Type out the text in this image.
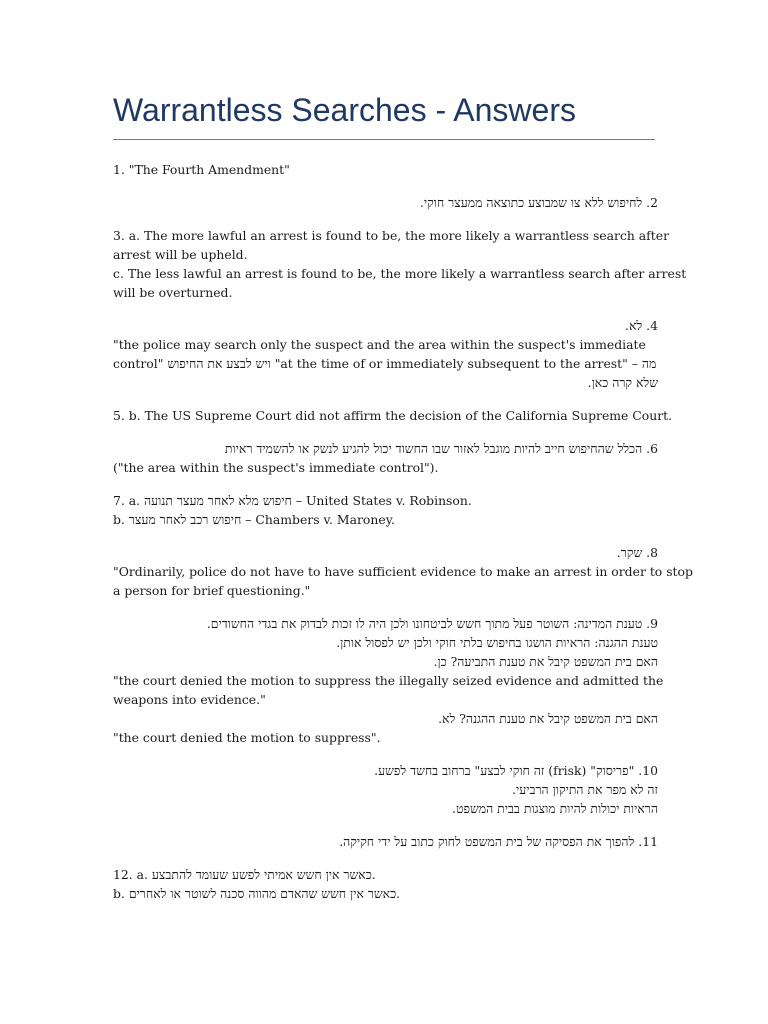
Warrantless Searches - Answers
1. "The Fourth Amendment"
2. לחיפוש ללא צו שמבוצע כתוצאה ממעצר חוקי.
3. a. The more lawful an arrest is found to be, the more likely a warrantless search after
arrest will be upheld.
c. The less lawful an arrest is found to be, the more likely a warrantless search after arrest
will be overturned.
4. לא.
"the police may search only the suspect and the area within the suspect's immediate
control" ויש לבצע את החיפוש "at the time of or immediately subsequent to the arrest" – מה
שלא קרה כאן.
5. b. The US Supreme Court did not affirm the decision of the California Supreme Court.
6. הכלל שהחיפוש חייב להיות מוגבל לאזור שבו החשוד יכול להגיע לנשק או להשמיד ראיות
("the area within the suspect's immediate control").
7. a. חיפוש מלא לאחר מעצר תנועה – United States v. Robinson.
b. חיפוש רכב לאחר מעצר – Chambers v. Maroney.
8. שקר.
"Ordinarily, police do not have to have sufficient evidence to make an arrest in order to stop
a person for brief questioning."
9. טענת המדינה: השוטר פעל מתוך חשש לביטחונו ולכן היה לו זכות לבדוק את בגדי החשודים.
טענת ההגנה: הראיות הושגו בחיפוש בלתי חוקי ולכן יש לפסול אותן.
האם בית המשפט קיבל את טענת התביעה? כן.
"the court denied the motion to suppress the illegally seized evidence and admitted the
weapons into evidence."
האם בית המשפט קיבל את טענת ההגנה? לא.
"the court denied the motion to suppress".
10. "פריסוק" (frisk) זה חוקי לבצע" ברחוב בחשד לפשע.
זה לא מפר את התיקון הרביעי.
הראיות יכולות להיות מוצגות בבית המשפט.
11. להפוך את הפסיקה של בית המשפט לחוק כתוב על ידי חקיקה.
12. a. כאשר אין חשש אמיתי לפשע שעומד להתבצע.
b. כאשר אין חשש שהאדם מהווה סכנה לשוטר או לאחרים.
